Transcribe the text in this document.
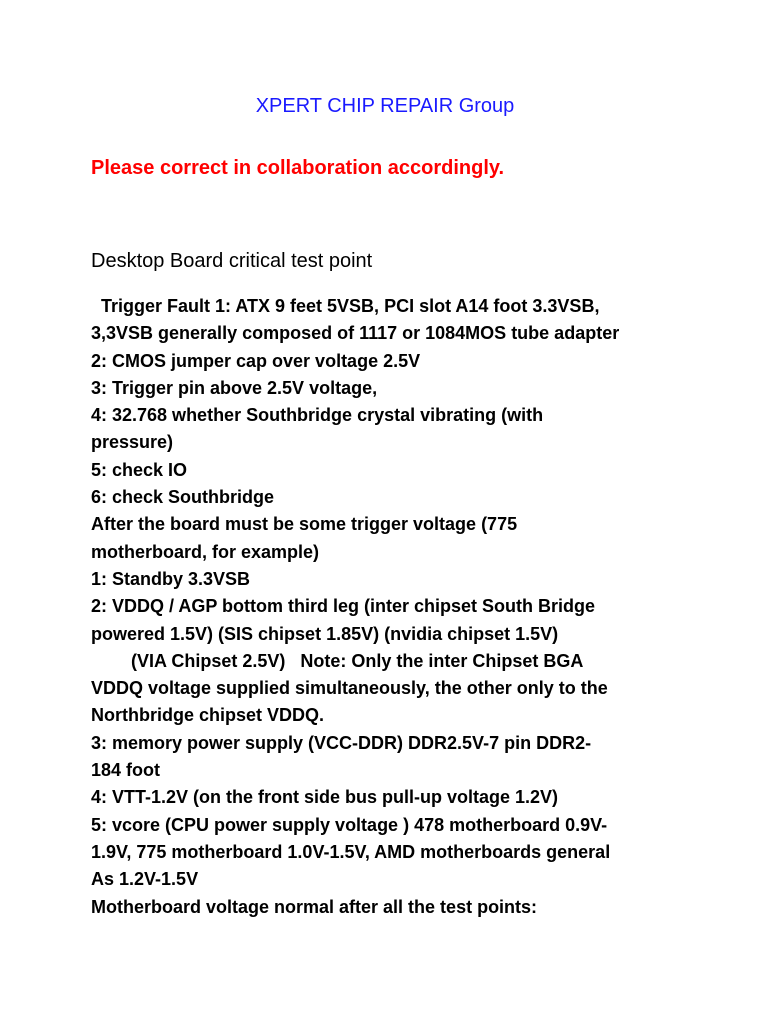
XPERT CHIP REPAIR Group
Please correct in collaboration accordingly.
Desktop Board critical test point
Trigger Fault 1: ATX 9 feet 5VSB, PCI slot A14 foot 3.3VSB,
3,3VSB generally composed of 1117 or 1084MOS tube adapter
2: CMOS jumper cap over voltage 2.5V
3: Trigger pin above 2.5V voltage,
4: 32.768 whether Southbridge crystal vibrating (with
pressure)
5: check IO
6: check Southbridge
After the board must be some trigger voltage (775
motherboard, for example)
1: Standby 3.3VSB
2: VDDQ / AGP bottom third leg (inter chipset South Bridge
powered 1.5V) (SIS chipset 1.85V) (nvidia chipset 1.5V)
(VIA Chipset 2.5V)   Note: Only the inter Chipset BGA
VDDQ voltage supplied simultaneously, the other only to the
Northbridge chipset VDDQ.
3: memory power supply (VCC-DDR) DDR2.5V-7 pin DDR2-
184 foot
4: VTT-1.2V (on the front side bus pull-up voltage 1.2V)
5: vcore (CPU power supply voltage ) 478 motherboard 0.9V-
1.9V, 775 motherboard 1.0V-1.5V, AMD motherboards general
As 1.2V-1.5V
Motherboard voltage normal after all the test points:
